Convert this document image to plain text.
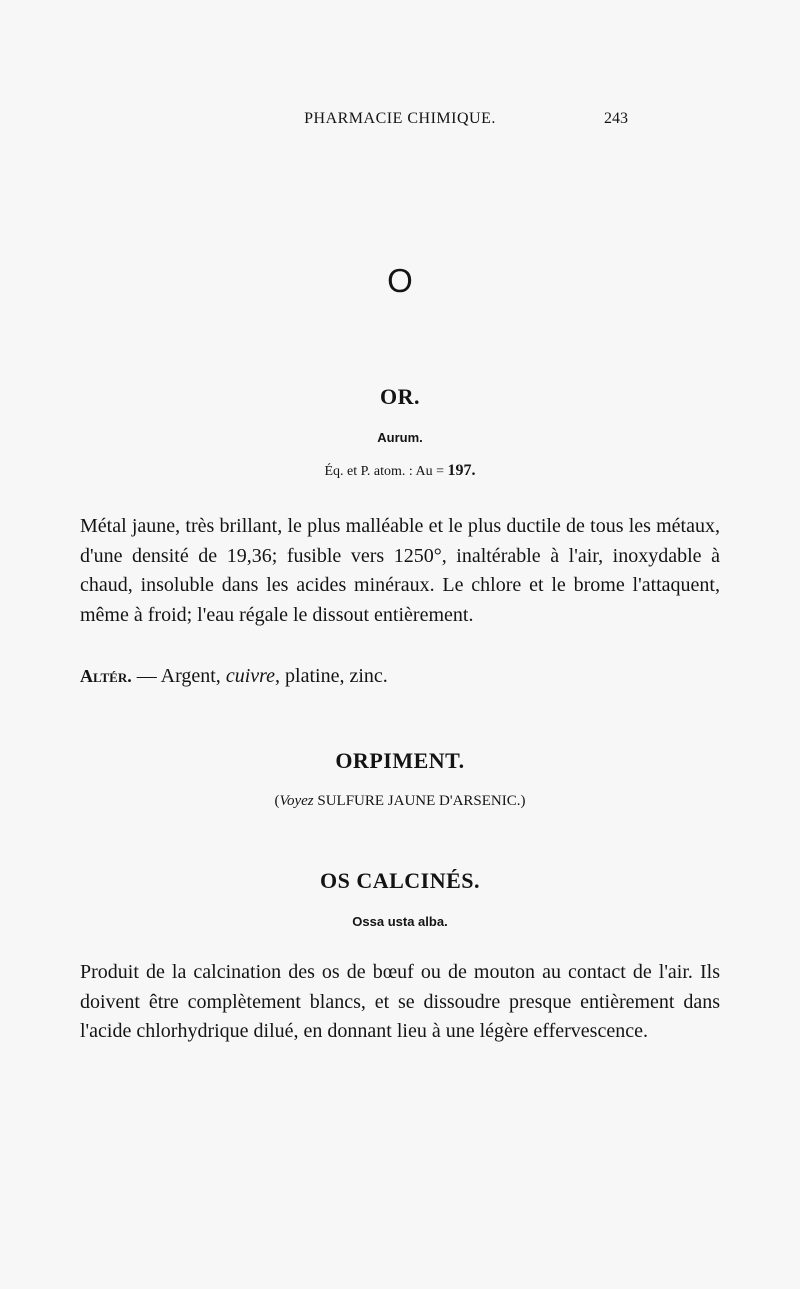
PHARMACIE CHIMIQUE.	243
O
OR.
Aurum.
Éq. et P. atom. : Au = 197.
Métal jaune, très brillant, le plus malléable et le plus ductile de tous les métaux, d'une densité de 19,36; fusible vers 1250°, inaltérable à l'air, inoxydable à chaud, insoluble dans les acides minéraux. Le chlore et le brome l'attaquent, même à froid; l'eau régale le dissout entièrement.
Altér. — Argent, cuivre, platine, zinc.
ORPIMENT.
(Voyez SULFURE JAUNE D'ARSENIC.)
OS CALCINÉS.
Ossa usta alba.
Produit de la calcination des os de bœuf ou de mouton au contact de l'air. Ils doivent être complètement blancs, et se dissoudre presque entièrement dans l'acide chlorhydrique dilué, en donnant lieu à une légère effervescence.
